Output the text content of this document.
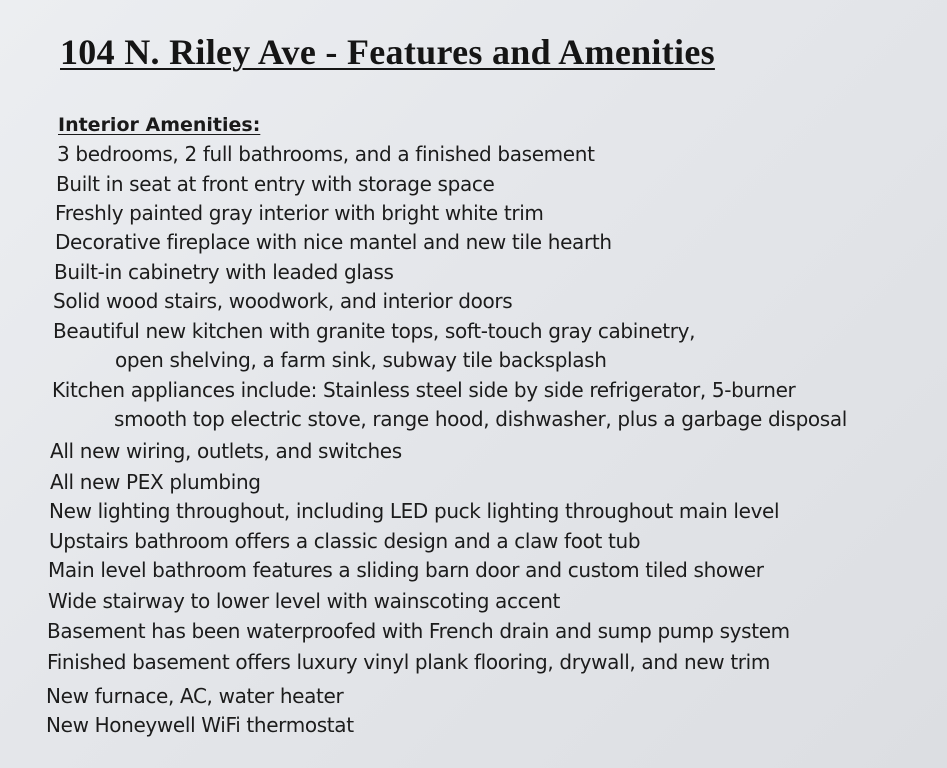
104 N. Riley Ave - Features and Amenities
Interior Amenities:
3 bedrooms, 2 full bathrooms, and a finished basement
Built in seat at front entry with storage space
Freshly painted gray interior with bright white trim
Decorative fireplace with nice mantel and new tile hearth
Built-in cabinetry with leaded glass
Solid wood stairs, woodwork, and interior doors
Beautiful new kitchen with granite tops, soft-touch gray cabinetry,
open shelving, a farm sink, subway tile backsplash
Kitchen appliances include: Stainless steel side by side refrigerator, 5-burner
smooth top electric stove, range hood, dishwasher, plus a garbage disposal
All new wiring, outlets, and switches
All new PEX plumbing
New lighting throughout, including LED puck lighting throughout main level
Upstairs bathroom offers a classic design and a claw foot tub
Main level bathroom features a sliding barn door and custom tiled shower
Wide stairway to lower level with wainscoting accent
Basement has been waterproofed with French drain and sump pump system
Finished basement offers luxury vinyl plank flooring, drywall, and new trim
New furnace, AC, water heater
New Honeywell WiFi thermostat
